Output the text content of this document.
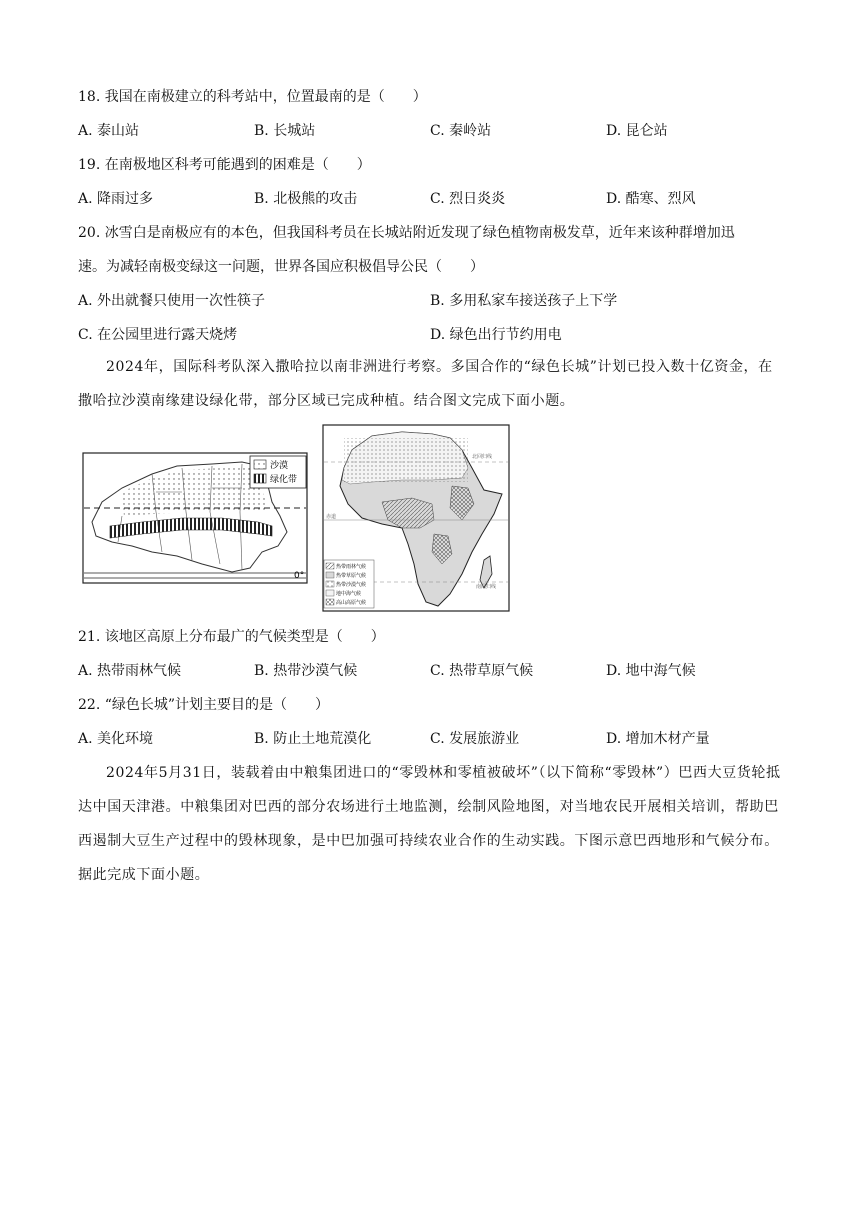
18. 我国在南极建立的科考站中，位置最南的是（　　）
A. 泰山站	B. 长城站	C. 秦岭站	D. 昆仑站
19. 在南极地区科考可能遇到的困难是（　　）
A. 降雨过多	B. 北极熊的攻击	C. 烈日炎炎	D. 酷寒、烈风
20. 冰雪白是南极应有的本色，但我国科考员在长城站附近发现了绿色植物南极发草，近年来该种群增加迅
速。为减轻南极变绿这一问题，世界各国应积极倡导公民（　　）
A. 外出就餐只使用一次性筷子	B. 多用私家车接送孩子上下学
C. 在公园里进行露天烧烤	D. 绿色出行节约用电
2024年，国际科考队深入撒哈拉以南非洲进行考察。多国合作的“绿色长城”计划已投入数十亿资金，在撒哈拉沙漠南缘建设绿化带，部分区域已完成种植。结合图文完成下面小题。
沙漠
绿化带
0°
北回归线
赤道
南回归线
热带雨林气候
热带草原气候
热带沙漠气候
地中海气候
高山高原气候
21. 该地区高原上分布最广的气候类型是（　　）
A. 热带雨林气候	B. 热带沙漠气候	C. 热带草原气候	D. 地中海气候
22. “绿色长城”计划主要目的是（　　）
A. 美化环境	B. 防止土地荒漠化	C. 发展旅游业	D. 增加木材产量
2024年5月31日，装载着由中粮集团进口的“零毁林和零植被破坏”（以下简称“零毁林”）巴西大豆货轮抵达中国天津港。中粮集团对巴西的部分农场进行土地监测，绘制风险地图，对当地农民开展相关培训，帮助巴西遏制大豆生产过程中的毁林现象，是中巴加强可持续农业合作的生动实践。下图示意巴西地形和气候分布。据此完成下面小题。
